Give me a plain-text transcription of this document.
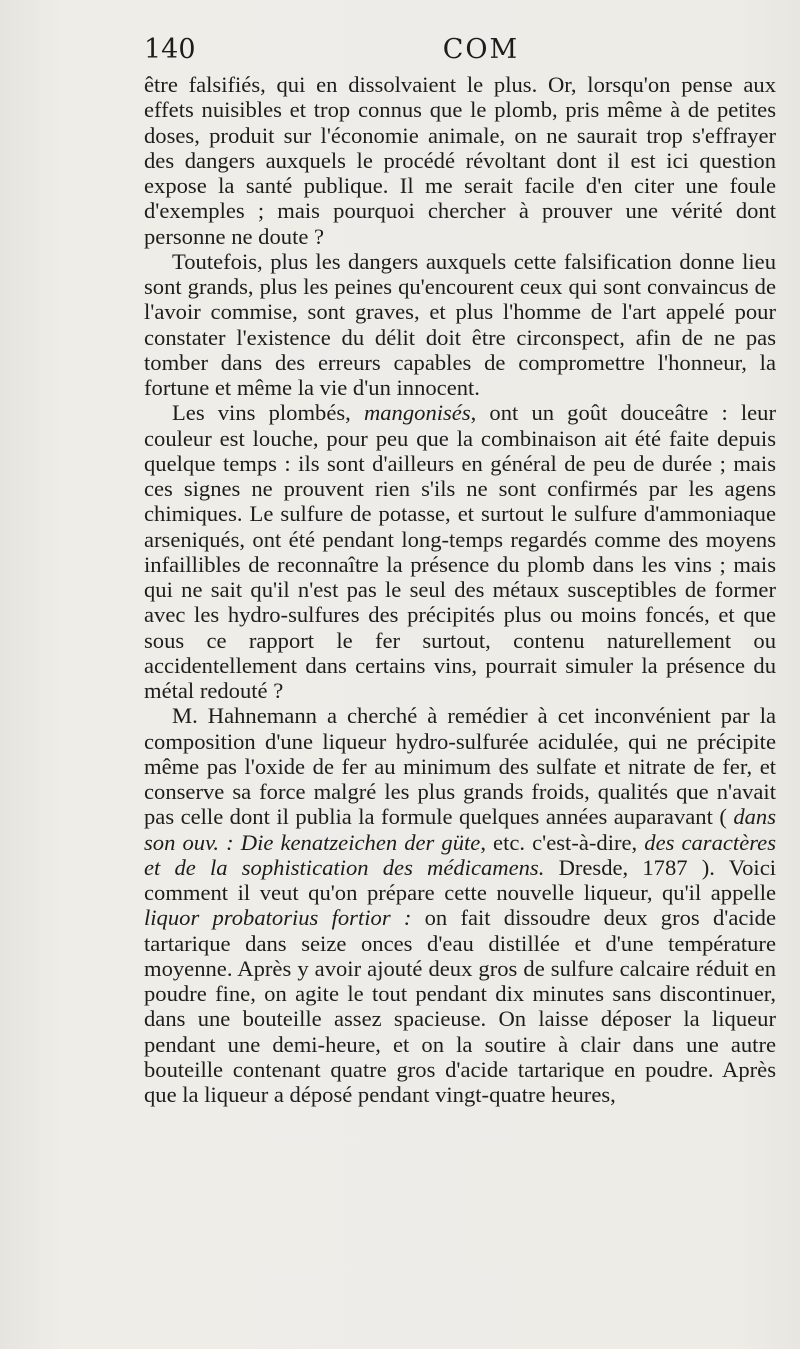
140	COM

être falsifiés, qui en dissolvaient le plus. Or, lorsqu'on pense aux effets nuisibles et trop connus que le plomb, pris même à de petites doses, produit sur l'économie animale, on ne saurait trop s'effrayer des dangers auxquels le procédé révoltant dont il est ici question expose la santé publique. Il me serait facile d'en citer une foule d'exemples ; mais pourquoi chercher à prouver une vérité dont personne ne doute ?

Toutefois, plus les dangers auxquels cette falsification donne lieu sont grands, plus les peines qu'encourent ceux qui sont convaincus de l'avoir commise, sont graves, et plus l'homme de l'art appelé pour constater l'existence du délit doit être circonspect, afin de ne pas tomber dans des erreurs capables de compromettre l'honneur, la fortune et même la vie d'un innocent.

Les vins plombés, mangonisés, ont un goût douceâtre : leur couleur est louche, pour peu que la combinaison ait été faite depuis quelque temps : ils sont d'ailleurs en général de peu de durée ; mais ces signes ne prouvent rien s'ils ne sont confirmés par les agens chimiques. Le sulfure de potasse, et surtout le sulfure d'ammoniaque arseniqués, ont été pendant long-temps regardés comme des moyens infaillibles de reconnaître la présence du plomb dans les vins ; mais qui ne sait qu'il n'est pas le seul des métaux susceptibles de former avec les hydro-sulfures des précipités plus ou moins foncés, et que sous ce rapport le fer surtout, contenu naturellement ou accidentellement dans certains vins, pourrait simuler la présence du métal redouté ?

M. Hahnemann a cherché à remédier à cet inconvénient par la composition d'une liqueur hydro-sulfurée acidulée, qui ne précipite même pas l'oxide de fer au minimum des sulfate et nitrate de fer, et conserve sa force malgré les plus grands froids, qualités que n'avait pas celle dont il publia la formule quelques années auparavant ( dans son ouv. : Die kenatzeichen der güte, etc. c'est-à-dire, des caractères et de la sophistication des médicamens. Dresde, 1787 ). Voici comment il veut qu'on prépare cette nouvelle liqueur, qu'il appelle liquor probatorius fortior : on fait dissoudre deux gros d'acide tartarique dans seize onces d'eau distillée et d'une température moyenne. Après y avoir ajouté deux gros de sulfure calcaire réduit en poudre fine, on agite le tout pendant dix minutes sans discontinuer, dans une bouteille assez spacieuse. On laisse déposer la liqueur pendant une demi-heure, et on la soutire à clair dans une autre bouteille contenant quatre gros d'acide tartarique en poudre. Après que la liqueur a déposé pendant vingt-quatre heures,
